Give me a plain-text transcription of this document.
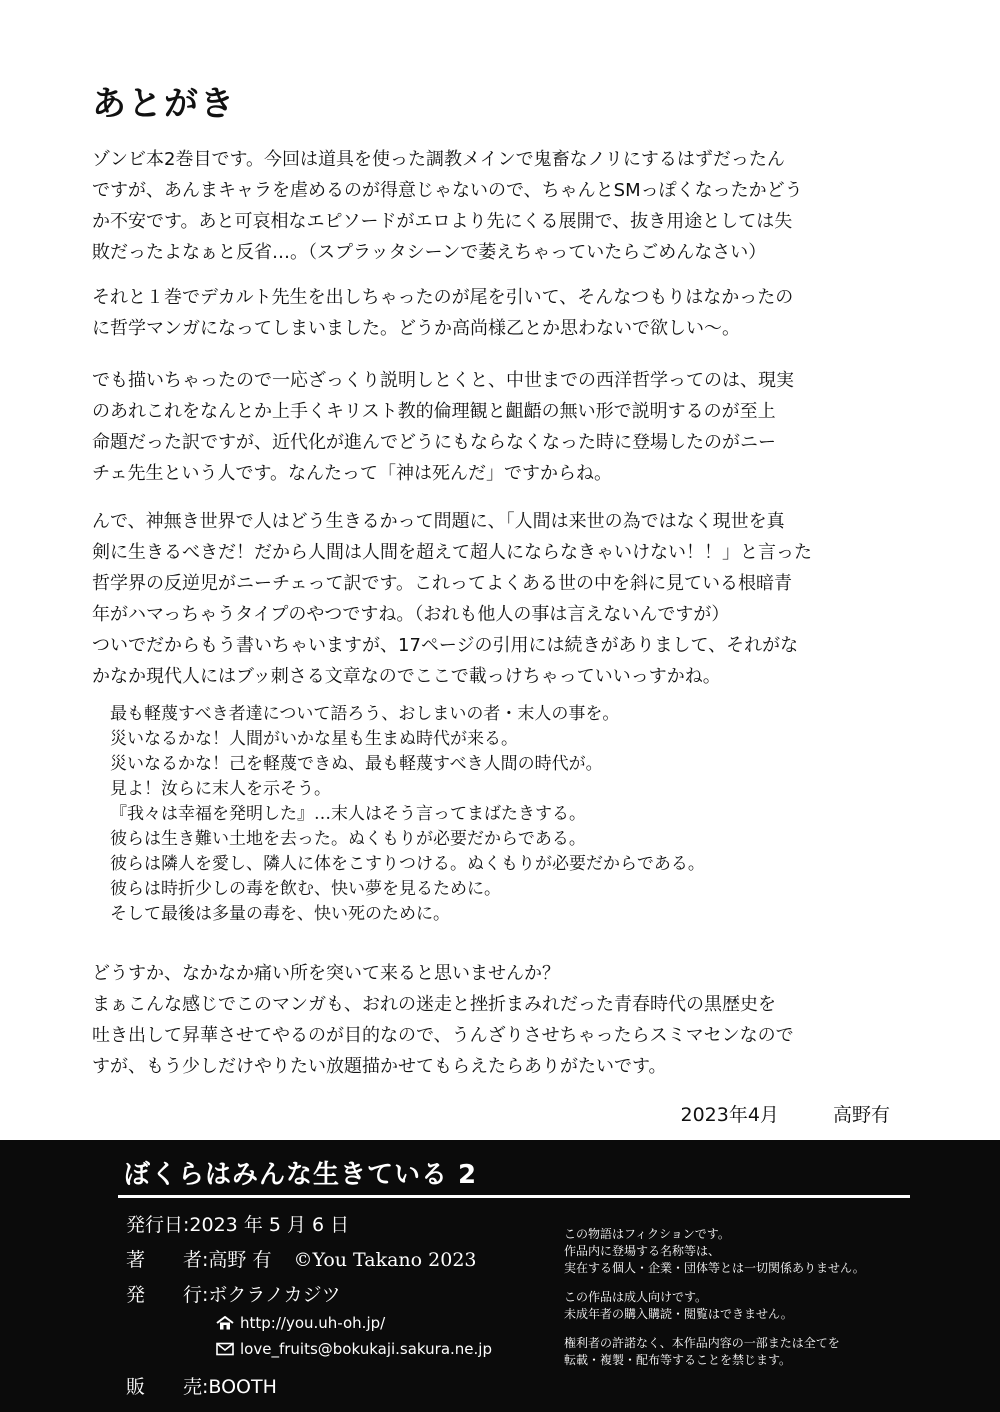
あとがき
ゾンビ本2巻目です。今回は道具を使った調教メインで鬼畜なノリにするはずだったん
ですが、あんまキャラを虐めるのが得意じゃないので、ちゃんとSMっぽくなったかどう
か不安です。あと可哀相なエピソードがエロより先にくる展開で、抜き用途としては失
敗だったよなぁと反省…。（スプラッタシーンで萎えちゃっていたらごめんなさい）
それと１巻でデカルト先生を出しちゃったのが尾を引いて、そんなつもりはなかったの
に哲学マンガになってしまいました。どうか高尚様乙とか思わないで欲しい～。
でも描いちゃったので一応ざっくり説明しとくと、中世までの西洋哲学ってのは、現実
のあれこれをなんとか上手くキリスト教的倫理観と齟齬の無い形で説明するのが至上
命題だった訳ですが、近代化が進んでどうにもならなくなった時に登場したのがニー
チェ先生という人です。なんたって「神は死んだ」ですからね。
んで、神無き世界で人はどう生きるかって問題に、「人間は来世の為ではなく現世を真
剣に生きるべきだ！だから人間は人間を超えて超人にならなきゃいけない！！」と言った
哲学界の反逆児がニーチェって訳です。これってよくある世の中を斜に見ている根暗青
年がハマっちゃうタイプのやつですね。（おれも他人の事は言えないんですが）
ついでだからもう書いちゃいますが、17ページの引用には続きがありまして、それがな
かなか現代人にはブッ刺さる文章なのでここで載っけちゃっていいっすかね。
最も軽蔑すべき者達について語ろう、おしまいの者・末人の事を。
災いなるかな！人間がいかな星も生まぬ時代が来る。
災いなるかな！己を軽蔑できぬ、最も軽蔑すべき人間の時代が。
見よ！汝らに末人を示そう。
『我々は幸福を発明した』…末人はそう言ってまばたきする。
彼らは生き難い土地を去った。ぬくもりが必要だからである。
彼らは隣人を愛し、隣人に体をこすりつける。ぬくもりが必要だからである。
彼らは時折少しの毒を飲む、快い夢を見るために。
そして最後は多量の毒を、快い死のために。
どうすか、なかなか痛い所を突いて来ると思いませんか？
まぁこんな感じでこのマンガも、おれの迷走と挫折まみれだった青春時代の黒歴史を
吐き出して昇華させてやるのが目的なので、うんざりさせちゃったらスミマセンなので
すが、もう少しだけやりたい放題描かせてもらえたらありがたいです。
2023年4月	高野有
ぼくらはみんな生きている 2
発行日:2023 年 5 月 6 日
著者:高野 有 ©You Takano 2023
発行:ボクラノカジツ
http://you.uh-oh.jp/
love_fruits@bokukaji.sakura.ne.jp
販売:BOOTH
この物語はフィクションです。
作品内に登場する名称等は、
実在する個人・企業・団体等とは一切関係ありません。
この作品は成人向けです。
未成年者の購入購読・閲覧はできません。
権利者の許諾なく、本作品内容の一部または全てを
転載・複製・配布等することを禁じます。
